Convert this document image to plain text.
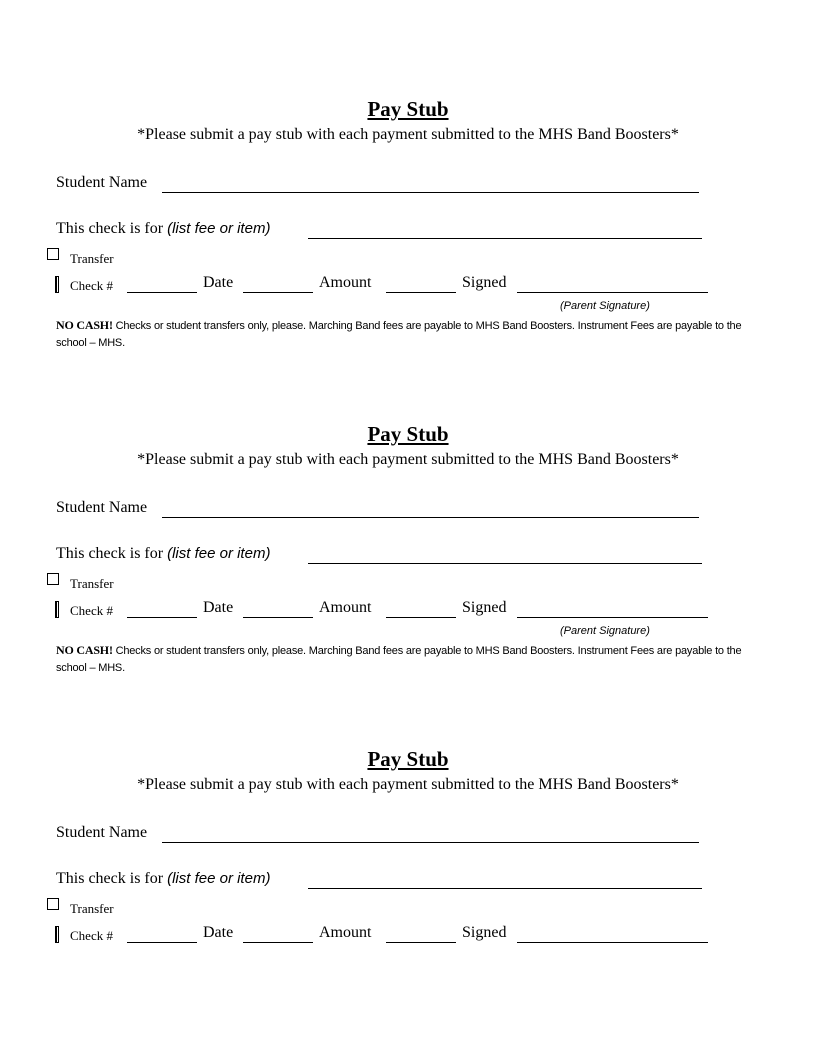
Pay Stub
*Please submit a pay stub with each payment submitted to the MHS Band Boosters*
Student Name
This check is for (list fee or item)
Transfer
Check #	Date	Amount	Signed
(Parent Signature)
NO CASH! Checks or student transfers only, please. Marching Band fees are payable to MHS Band Boosters. Instrument Fees are payable to the school – MHS.
Pay Stub
*Please submit a pay stub with each payment submitted to the MHS Band Boosters*
Student Name
This check is for (list fee or item)
Transfer
Check #	Date	Amount	Signed
(Parent Signature)
NO CASH! Checks or student transfers only, please. Marching Band fees are payable to MHS Band Boosters. Instrument Fees are payable to the school – MHS.
Pay Stub
*Please submit a pay stub with each payment submitted to the MHS Band Boosters*
Student Name
This check is for (list fee or item)
Transfer
Check #	Date	Amount	Signed
